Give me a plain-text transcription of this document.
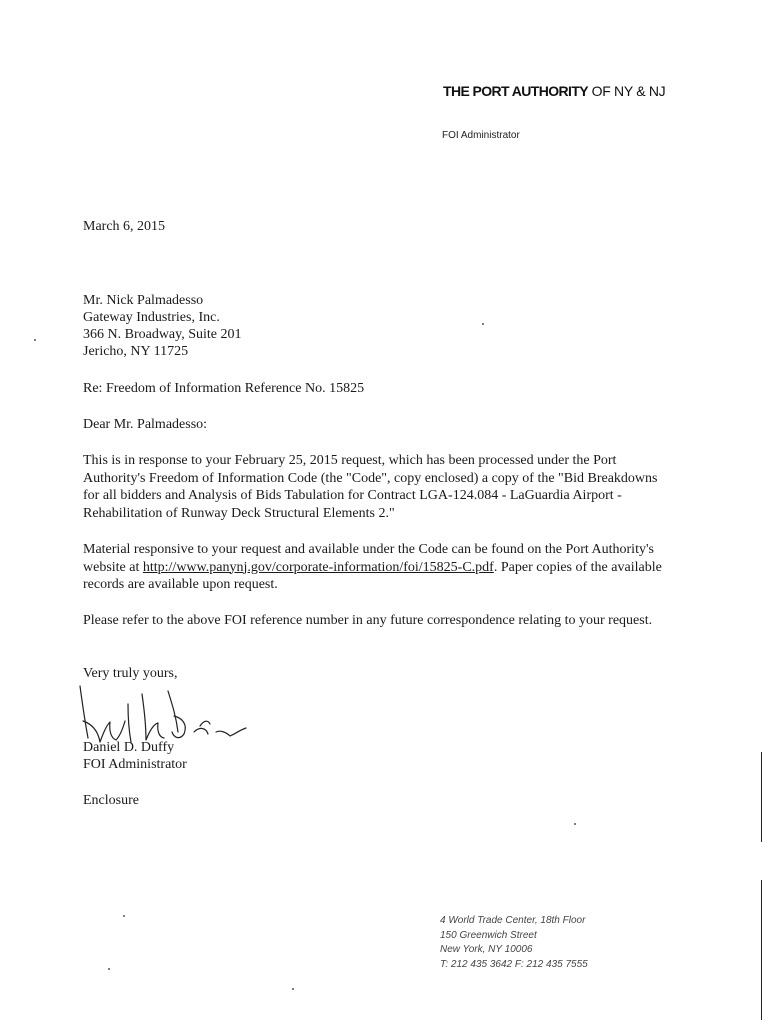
THE PORT AUTHORITY OF NY & NJ
FOI Administrator
March 6, 2015
Mr. Nick Palmadesso
Gateway Industries, Inc.
366 N. Broadway, Suite 201
Jericho, NY 11725
Re: Freedom of Information Reference No. 15825
Dear Mr. Palmadesso:
This is in response to your February 25, 2015 request, which has been processed under the Port Authority's Freedom of Information Code (the "Code", copy enclosed) a copy of the "Bid Breakdowns for all bidders and Analysis of Bids Tabulation for Contract LGA-124.084 - LaGuardia Airport - Rehabilitation of Runway Deck Structural Elements 2."
Material responsive to your request and available under the Code can be found on the Port Authority's website at http://www.panynj.gov/corporate-information/foi/15825-C.pdf. Paper copies of the available records are available upon request.
Please refer to the above FOI reference number in any future correspondence relating to your request.
Very truly yours,
Daniel D. Duffy
FOI Administrator
Enclosure
4 World Trade Center, 18th Floor
150 Greenwich Street
New York, NY 10006
T: 212 435 3642 F: 212 435 7555
